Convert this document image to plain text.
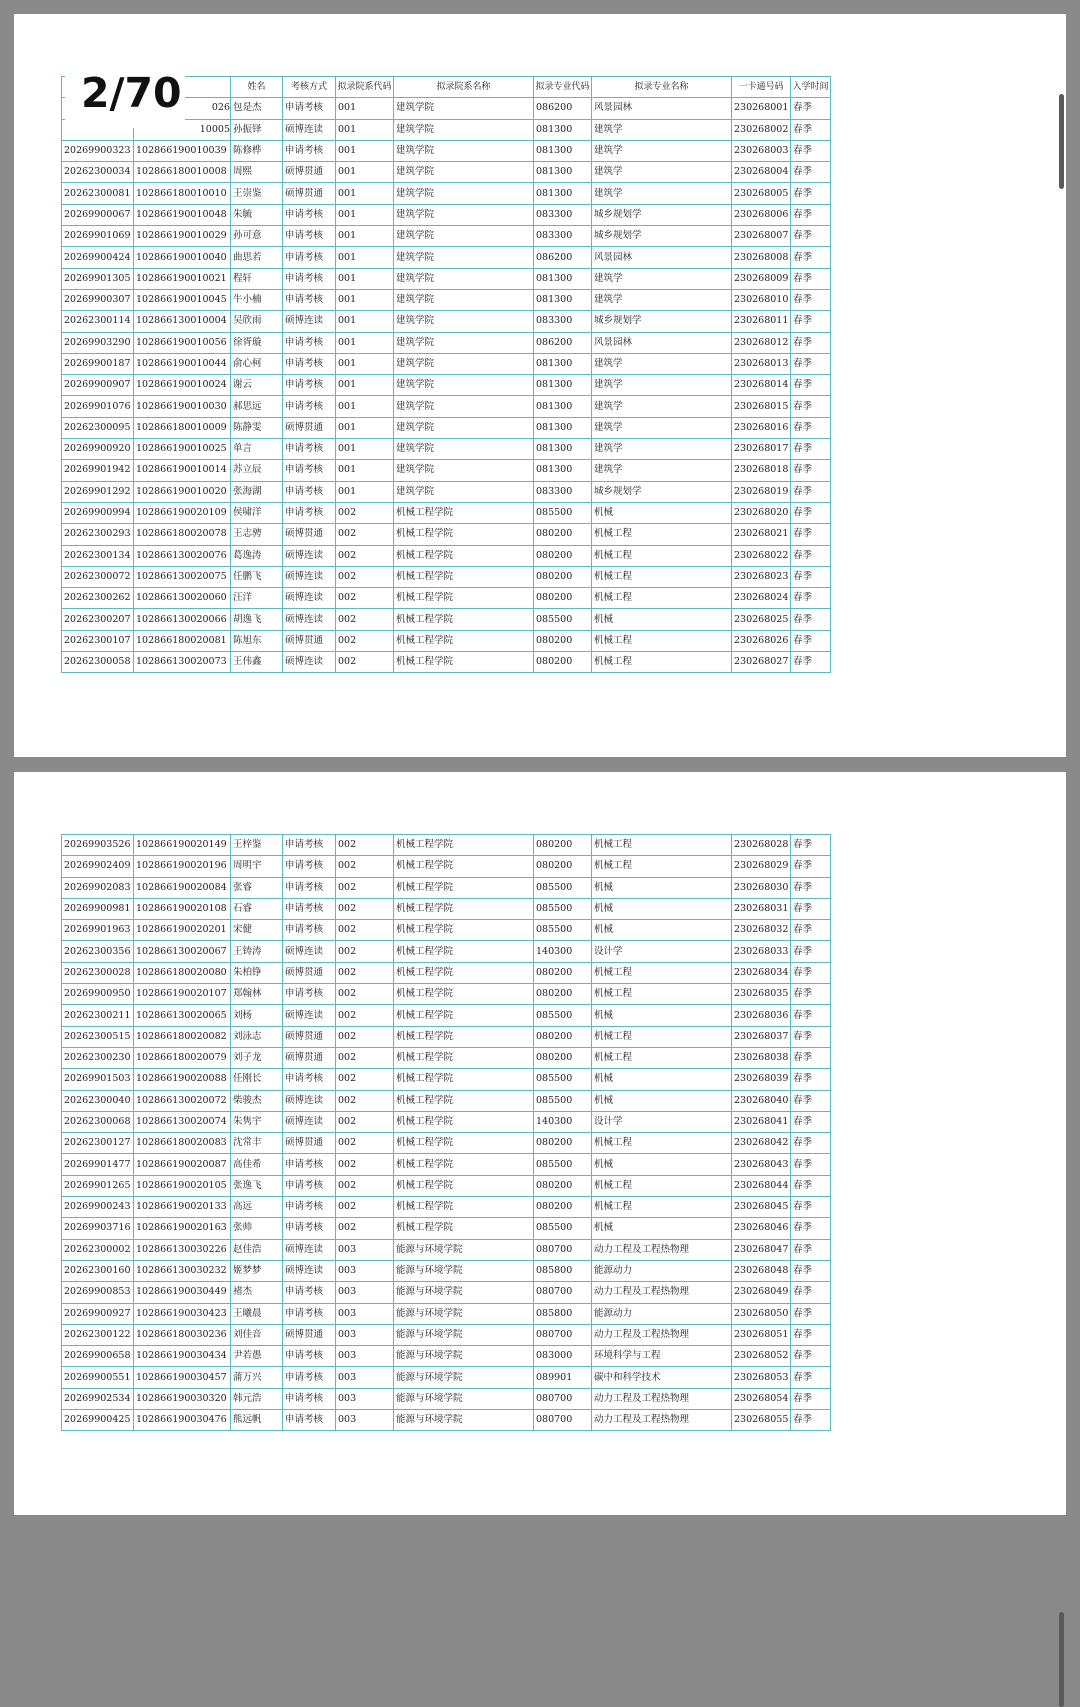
		姓名	考核方式	拟录院系代码	拟录院系名称	拟录专业代码	拟录专业名称	一卡通号码	入学时间
	026	包是杰	申请考核	001	建筑学院	086200	风景园林	230268001	春季
	10005	孙振铎	硕博连读	001	建筑学院	081300	建筑学	230268002	春季
20269900323	102866190010039	陈修桦	申请考核	001	建筑学院	081300	建筑学	230268003	春季
20262300034	102866180010008	周熙	硕博贯通	001	建筑学院	081300	建筑学	230268004	春季
20262300081	102866180010010	王崇鉴	硕博贯通	001	建筑学院	081300	建筑学	230268005	春季
20269900067	102866190010048	朱毓	申请考核	001	建筑学院	083300	城乡规划学	230268006	春季
20269901069	102866190010029	孙可意	申请考核	001	建筑学院	083300	城乡规划学	230268007	春季
20269900424	102866190010040	曲思若	申请考核	001	建筑学院	086200	风景园林	230268008	春季
20269901305	102866190010021	程轩	申请考核	001	建筑学院	081300	建筑学	230268009	春季
20269900307	102866190010045	牛小楠	申请考核	001	建筑学院	081300	建筑学	230268010	春季
20262300114	102866130010004	吴欣雨	硕博连读	001	建筑学院	083300	城乡规划学	230268011	春季
20269903290	102866190010056	徐胥璇	申请考核	001	建筑学院	086200	风景园林	230268012	春季
20269900187	102866190010044	俞心柯	申请考核	001	建筑学院	081300	建筑学	230268013	春季
20269900907	102866190010024	谢云	申请考核	001	建筑学院	081300	建筑学	230268014	春季
20269901076	102866190010030	郝思远	申请考核	001	建筑学院	081300	建筑学	230268015	春季
20262300095	102866180010009	陈静雯	硕博贯通	001	建筑学院	081300	建筑学	230268016	春季
20269900920	102866190010025	单言	申请考核	001	建筑学院	081300	建筑学	230268017	春季
20269901942	102866190010014	苏立辰	申请考核	001	建筑学院	081300	建筑学	230268018	春季
20269901292	102866190010020	张海湖	申请考核	001	建筑学院	083300	城乡规划学	230268019	春季
20269900994	102866190020109	侯啸洋	申请考核	002	机械工程学院	085500	机械	230268020	春季
20262300293	102866180020078	王志骋	硕博贯通	002	机械工程学院	080200	机械工程	230268021	春季
20262300134	102866130020076	葛逸涛	硕博连读	002	机械工程学院	080200	机械工程	230268022	春季
20262300072	102866130020075	任鹏飞	硕博连读	002	机械工程学院	080200	机械工程	230268023	春季
20262300262	102866130020060	汪洋	硕博连读	002	机械工程学院	080200	机械工程	230268024	春季
20262300207	102866130020066	胡逸飞	硕博连读	002	机械工程学院	085500	机械	230268025	春季
20262300107	102866180020081	陈旭东	硕博贯通	002	机械工程学院	080200	机械工程	230268026	春季
20262300058	102866130020073	王伟鑫	硕博连读	002	机械工程学院	080200	机械工程	230268027	春季
20269903526	102866190020149	王梓鉴	申请考核	002	机械工程学院	080200	机械工程	230268028	春季
20269902409	102866190020196	周明宇	申请考核	002	机械工程学院	080200	机械工程	230268029	春季
20269902083	102866190020084	张睿	申请考核	002	机械工程学院	085500	机械	230268030	春季
20269900981	102866190020108	石睿	申请考核	002	机械工程学院	085500	机械	230268031	春季
20269901963	102866190020201	宋健	申请考核	002	机械工程学院	085500	机械	230268032	春季
20262300356	102866130020067	王铸涛	硕博连读	002	机械工程学院	140300	设计学	230268033	春季
20262300028	102866180020080	朱柏铮	硕博贯通	002	机械工程学院	080200	机械工程	230268034	春季
20269900950	102866190020107	郑翰林	申请考核	002	机械工程学院	080200	机械工程	230268035	春季
20262300211	102866130020065	刘杨	硕博连读	002	机械工程学院	085500	机械	230268036	春季
20262300515	102866180020082	刘泳志	硕博贯通	002	机械工程学院	080200	机械工程	230268037	春季
20262300230	102866180020079	刘子龙	硕博贯通	002	机械工程学院	080200	机械工程	230268038	春季
20269901503	102866190020088	任刚长	申请考核	002	机械工程学院	085500	机械	230268039	春季
20262300040	102866130020072	柴骏杰	硕博连读	002	机械工程学院	085500	机械	230268040	春季
20262300068	102866130020074	朱隽宇	硕博连读	002	机械工程学院	140300	设计学	230268041	春季
20262300127	102866180020083	沈常丰	硕博贯通	002	机械工程学院	080200	机械工程	230268042	春季
20269901477	102866190020087	高佳希	申请考核	002	机械工程学院	085500	机械	230268043	春季
20269901265	102866190020105	张逸飞	申请考核	002	机械工程学院	080200	机械工程	230268044	春季
20269900243	102866190020133	高远	申请考核	002	机械工程学院	080200	机械工程	230268045	春季
20269903716	102866190020163	张帅	申请考核	002	机械工程学院	085500	机械	230268046	春季
20262300002	102866130030226	赵佳浩	硕博连读	003	能源与环境学院	080700	动力工程及工程热物理	230268047	春季
20262300160	102866130030232	姬梦梦	硕博连读	003	能源与环境学院	085800	能源动力	230268048	春季
20269900853	102866190030449	褚杰	申请考核	003	能源与环境学院	080700	动力工程及工程热物理	230268049	春季
20269900927	102866190030423	王曦晨	申请考核	003	能源与环境学院	085800	能源动力	230268050	春季
20262300122	102866180030236	刘佳音	硕博贯通	003	能源与环境学院	080700	动力工程及工程热物理	230268051	春季
20269900658	102866190030434	尹若愚	申请考核	003	能源与环境学院	083000	环境科学与工程	230268052	春季
20269900551	102866190030457	蒲万兴	申请考核	003	能源与环境学院	089901	碳中和科学技术	230268053	春季
20269902534	102866190030320	韩元浩	申请考核	003	能源与环境学院	080700	动力工程及工程热物理	230268054	春季
20269900425	102866190030476	熊远帆	申请考核	003	能源与环境学院	080700	动力工程及工程热物理	230268055	春季
2/70
